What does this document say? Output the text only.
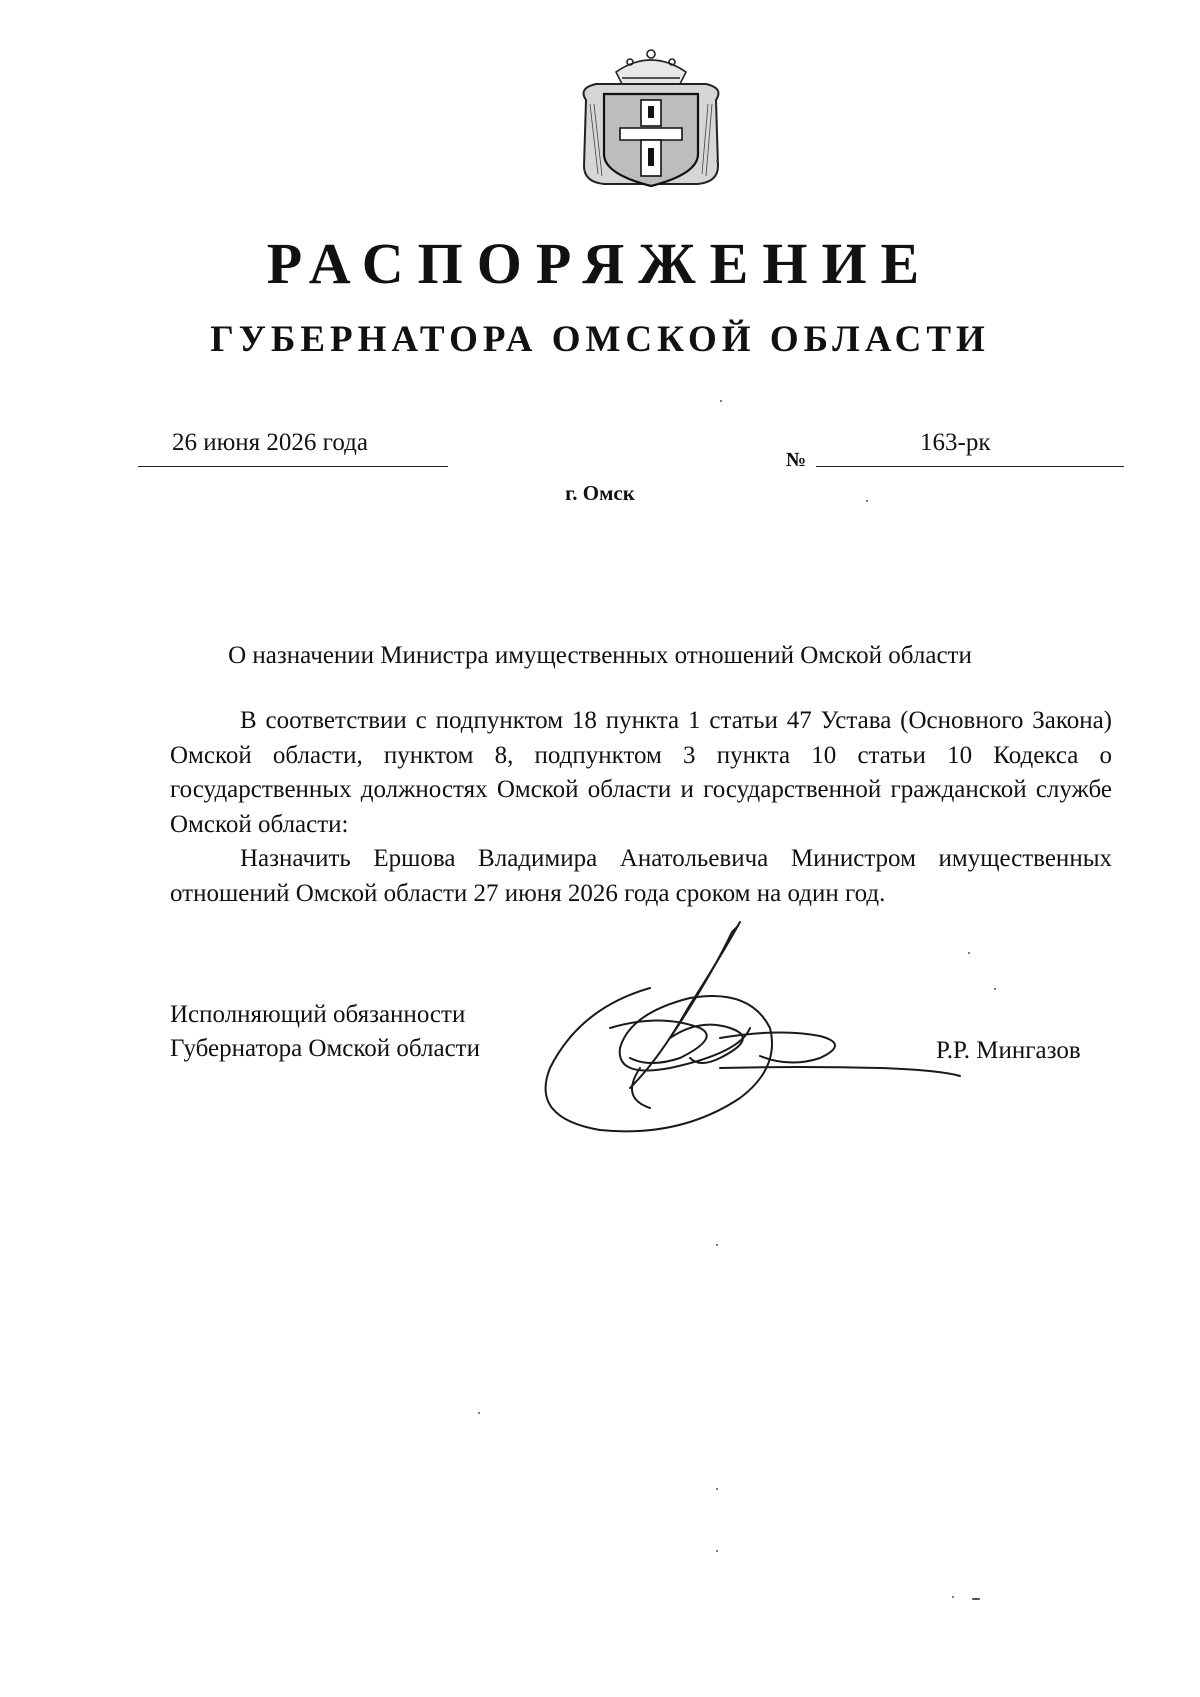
РАСПОРЯЖЕНИЕ
ГУБЕРНАТОРА ОМСКОЙ ОБЛАСТИ
26 июня 2026 года
№
163-рк
г. Омск
О назначении Министра имущественных отношений Омской области

В соответствии с подпунктом 18 пункта 1 статьи 47 Устава (Основного Закона) Омской области, пунктом 8, подпунктом 3 пункта 10 статьи 10 Кодекса о государственных должностях Омской области и государственной гражданской службе Омской области:

Назначить Ершова Владимира Анатольевича Министром имущественных отношений Омской области 27 июня 2026 года сроком на один год.

Исполняющий обязанности
Губернатора Омской области	Р.Р. Мингазов
